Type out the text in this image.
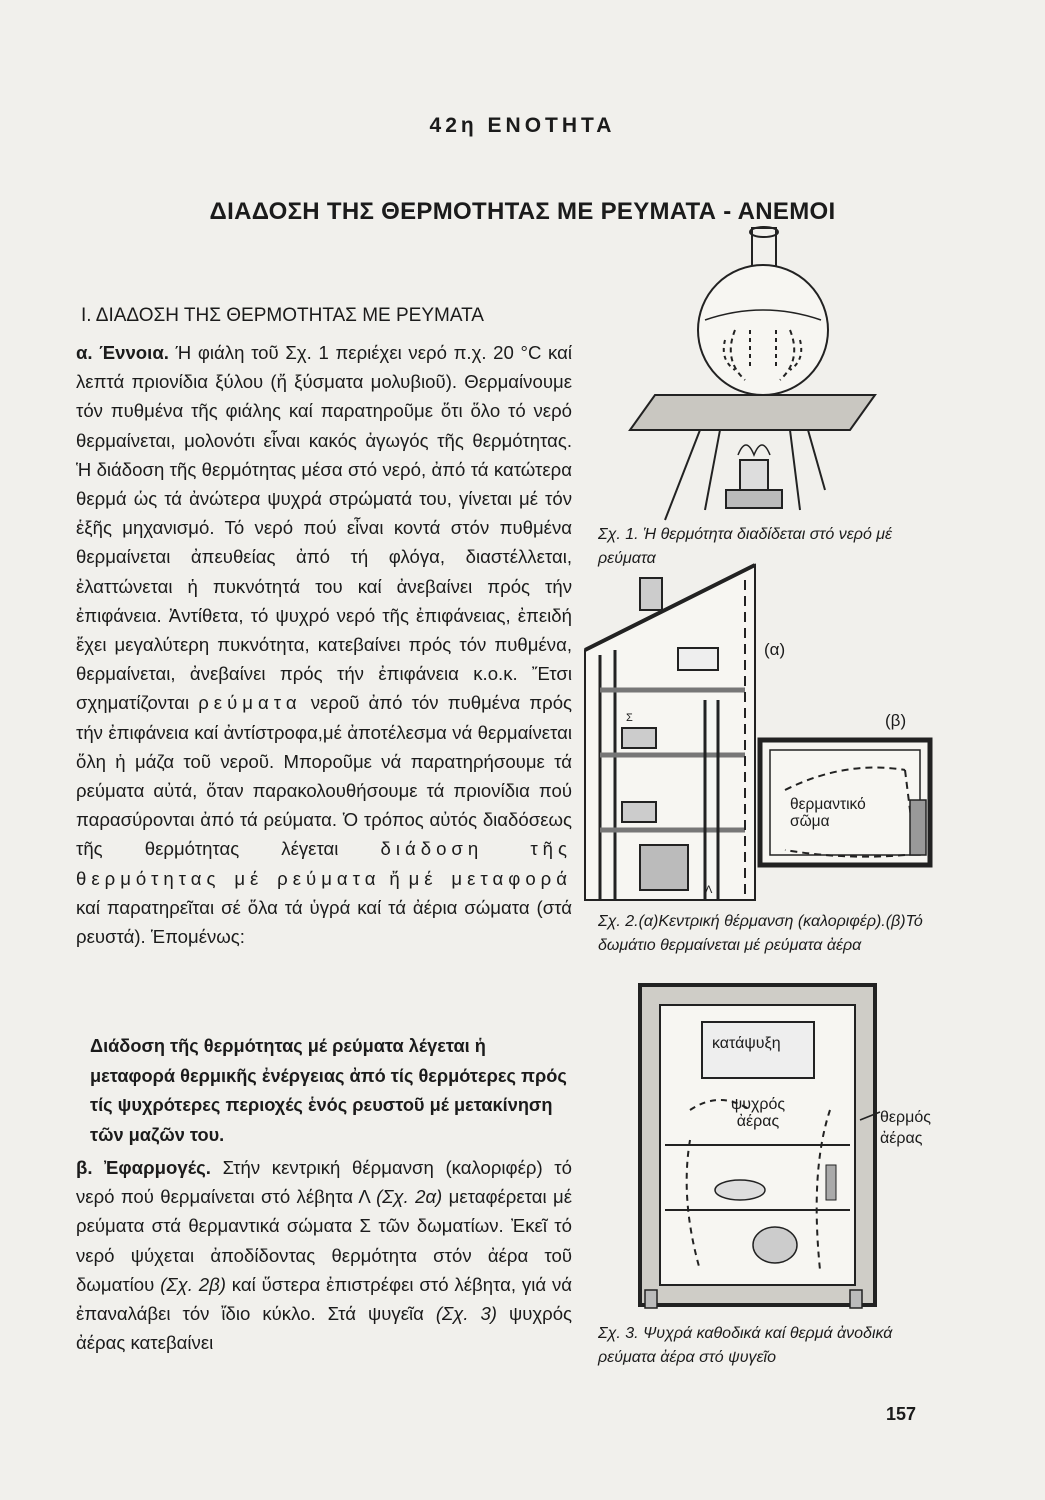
42η ΕΝΟΤΗΤΑ
ΔΙΑΔΟΣΗ ΤΗΣ ΘΕΡΜΟΤΗΤΑΣ ΜΕ ΡΕΥΜΑΤΑ - ΑΝΕΜΟΙ
Ι. ΔΙΑΔΟΣΗ ΤΗΣ ΘΕΡΜΟΤΗΤΑΣ ΜΕ ΡΕΥΜΑΤΑ

α. Έννοια. Ή φιάλη τοῦ Σχ. 1 περιέχει νερό π.χ. 20 °C καί λεπτά πριονίδια ξύλου (ἤ ξύσματα μολυβιοῦ). Θερμαίνουμε τόν πυθμένα τῆς φιάλης καί παρατηροῦμε ὅτι ὅλο τό νερό θερμαίνεται, μολονότι εἶναι κακός ἀγωγός τῆς θερμότητας. Ἡ διάδοση τῆς θερμότητας μέσα στό νερό, ἀπό τά κατώτερα θερμά ὡς τά ἀνώτερα ψυχρά στρώματά του, γίνεται μέ τόν ἑξῆς μηχανισμό. Τό νερό πού εἶναι κοντά στόν πυθμένα θερμαίνεται ἀπευθείας ἀπό τή φλόγα, διαστέλλεται, ἐλαττώνεται ἡ πυκνότητά του καί ἀνεβαίνει πρός τήν ἐπιφάνεια. Ἀντίθετα, τό ψυχρό νερό τῆς ἐπιφάνειας, ἐπειδή ἔχει μεγαλύτερη πυκνότητα, κατεβαίνει πρός τόν πυθμένα, θερμαίνεται, ἀνεβαίνει πρός τήν ἐπιφάνεια κ.ο.κ. Ἔτσι σχηματίζονται ρεύματα νεροῦ ἀπό τόν πυθμένα πρός τήν ἐπιφάνεια καί ἀντίστροφα,μέ ἀποτέλεσμα νά θερμαίνεται ὅλη ἡ μάζα τοῦ νεροῦ. Μποροῦμε νά παρατηρήσουμε τά ρεύματα αὐτά, ὅταν παρακολουθήσουμε τά πριονίδια πού παρασύρονται ἀπό τά ρεύματα. Ὁ τρόπος αὐτός διαδόσεως τῆς θερμότητας λέγεται διάδοση τῆς θερμότητας μέ ρεύματα ἤ μέ μεταφορά καί παρατηρεῖται σέ ὅλα τά ὑγρά καί τά ἀέρια σώματα (στά ρευστά). Ἑπομένως:

Διάδοση τῆς θερμότητας μέ ρεύματα λέγεται ἡ μεταφορά θερμικῆς ἐνέργειας ἀπό τίς θερμότερες πρός τίς ψυχρότερες περιοχές ἑνός ρευστοῦ μέ μετακίνηση τῶν μαζῶν του.

β. Ἐφαρμογές. Στήν κεντρική θέρμανση (καλοριφέρ) τό νερό πού θερμαίνεται στό λέβητα Λ (Σχ. 2α) μεταφέρεται μέ ρεύματα στά θερμαντικά σώματα Σ τῶν δωματίων. Ἐκεῖ τό νερό ψύχεται ἀποδίδοντας θερμότητα στόν ἀέρα τοῦ δωματίου (Σχ. 2β) καί ὕστερα ἐπιστρέφει στό λέβητα, γιά νά ἐπαναλάβει τόν ἴδιο κύκλο. Στά ψυγεῖα (Σχ. 3) ψυχρός ἀέρας κατεβαίνει

Σχ. 1. Ἡ θερμότητα διαδίδεται στό νερό μέ ρεύματα
(α)
(β)
θερμαντικό σῶμα
Σ
Λ
Σχ. 2.(α)Κεντρική θέρμανση (καλοριφέρ).(β)Τό δωμάτιο θερμαίνεται μέ ρεύματα ἀέρα
κατάψυξη
ψυχρός ἀέρας	θερμός ἀέρας
Σχ. 3. Ψυχρά καθοδικά καί θερμά ἀνοδικά ρεύματα ἀέρα στό ψυγεῖο
157
